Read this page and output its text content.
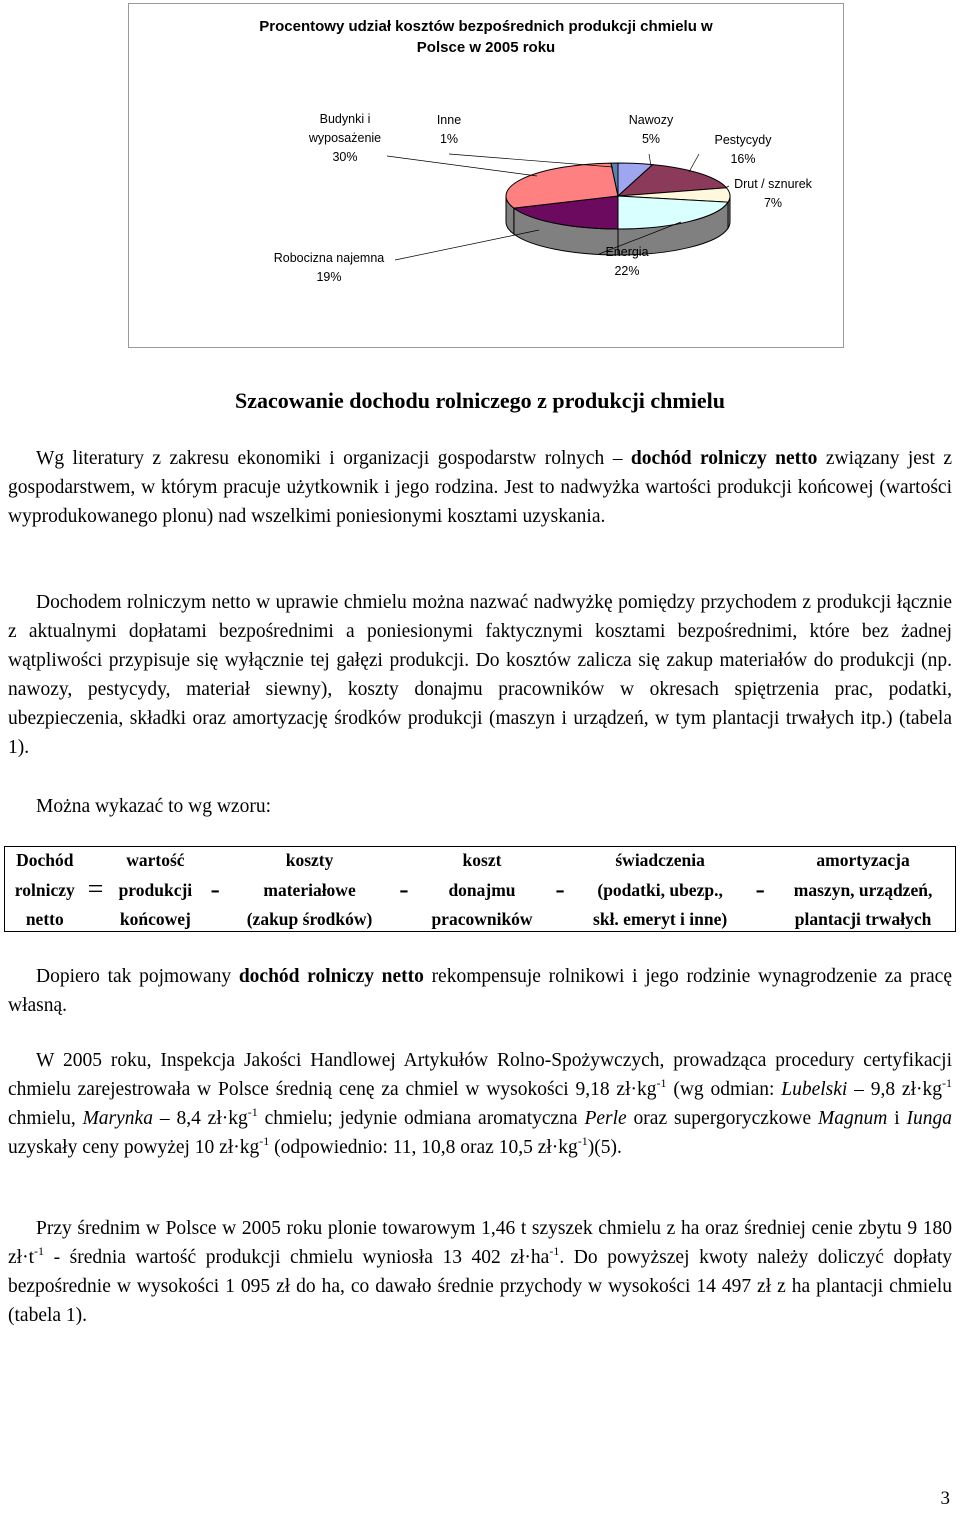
Procentowy udział kosztów bezpośrednich produkcji chmielu w
Polsce w 2005 roku
Nawozy 5%	Pestycydy 16%
Drut / sznurek 7%
Energia 22%
Robocizna najemna 19%
Budynki i wyposażenie 30%
Inne 1%
Szacowanie dochodu rolniczego z produkcji chmielu
Wg literatury z zakresu ekonomiki i organizacji gospodarstw rolnych – dochód rolniczy netto związany jest z gospodarstwem, w którym pracuje użytkownik i jego rodzina. Jest to nadwyżka wartości produkcji końcowej (wartości wyprodukowanego plonu) nad wszelkimi poniesionymi kosztami uzyskania.
Dochodem rolniczym netto w uprawie chmielu można nazwać nadwyżkę pomiędzy przychodem z produkcji łącznie z aktualnymi dopłatami bezpośrednimi a poniesionymi faktycznymi kosztami bezpośrednimi, które bez żadnej wątpliwości przypisuje się wyłącznie tej gałęzi produkcji. Do kosztów zalicza się zakup materiałów do produkcji (np. nawozy, pestycydy, materiał siewny), koszty donajmu pracowników w okresach spiętrzenia prac, podatki, ubezpieczenia, składki oraz amortyzację środków produkcji (maszyn i urządzeń, w tym plantacji trwałych itp.) (tabela 1).
Można wykazać to wg wzoru:
Dochód		wartość		koszty		koszt		świadczenia		amortyzacja
rolniczy	=	produkcji	-	materiałowe	-	donajmu	-	(podatki, ubezp.,	-	maszyn, urządzeń,
netto		końcowej		(zakup środków)		pracowników		skł. emeryt i inne)		plantacji trwałych
Dopiero tak pojmowany dochód rolniczy netto rekompensuje rolnikowi i jego rodzinie wynagrodzenie za pracę własną.
W 2005 roku, Inspekcja Jakości Handlowej Artykułów Rolno-Spożywczych, prowadząca procedury certyfikacji chmielu zarejestrowała w Polsce średnią cenę za chmiel w wysokości 9,18 $zł\cdot kg^{-1}$ (wg odmian: Lubelski – 9,8 $zł\cdot kg^{-1}$ chmielu, Marynka – 8,4 $zł\cdot kg^{-1}$ chmielu; jedynie odmiana aromatyczna Perle oraz supergoryczkowe Magnum i Iunga uzyskały ceny powyżej 10 $zł\cdot kg^{-1}$ (odpowiednio: 11, 10,8 oraz 10,5 $zł\cdot kg^{-1})(5)$.
Przy średnim w Polsce w 2005 roku plonie towarowym 1,46 t szyszek chmielu z ha oraz średniej cenie zbytu 9 180 $zł\cdot t^{-1}$ - średnia wartość produkcji chmielu wyniosła 13 402 $zł\cdot ha^{-1}$. Do powyższej kwoty należy doliczyć dopłaty bezpośrednie w wysokości 1 095 zł do ha, co dawało średnie przychody w wysokości 14 497 zł z ha plantacji chmielu (tabela 1).
3
